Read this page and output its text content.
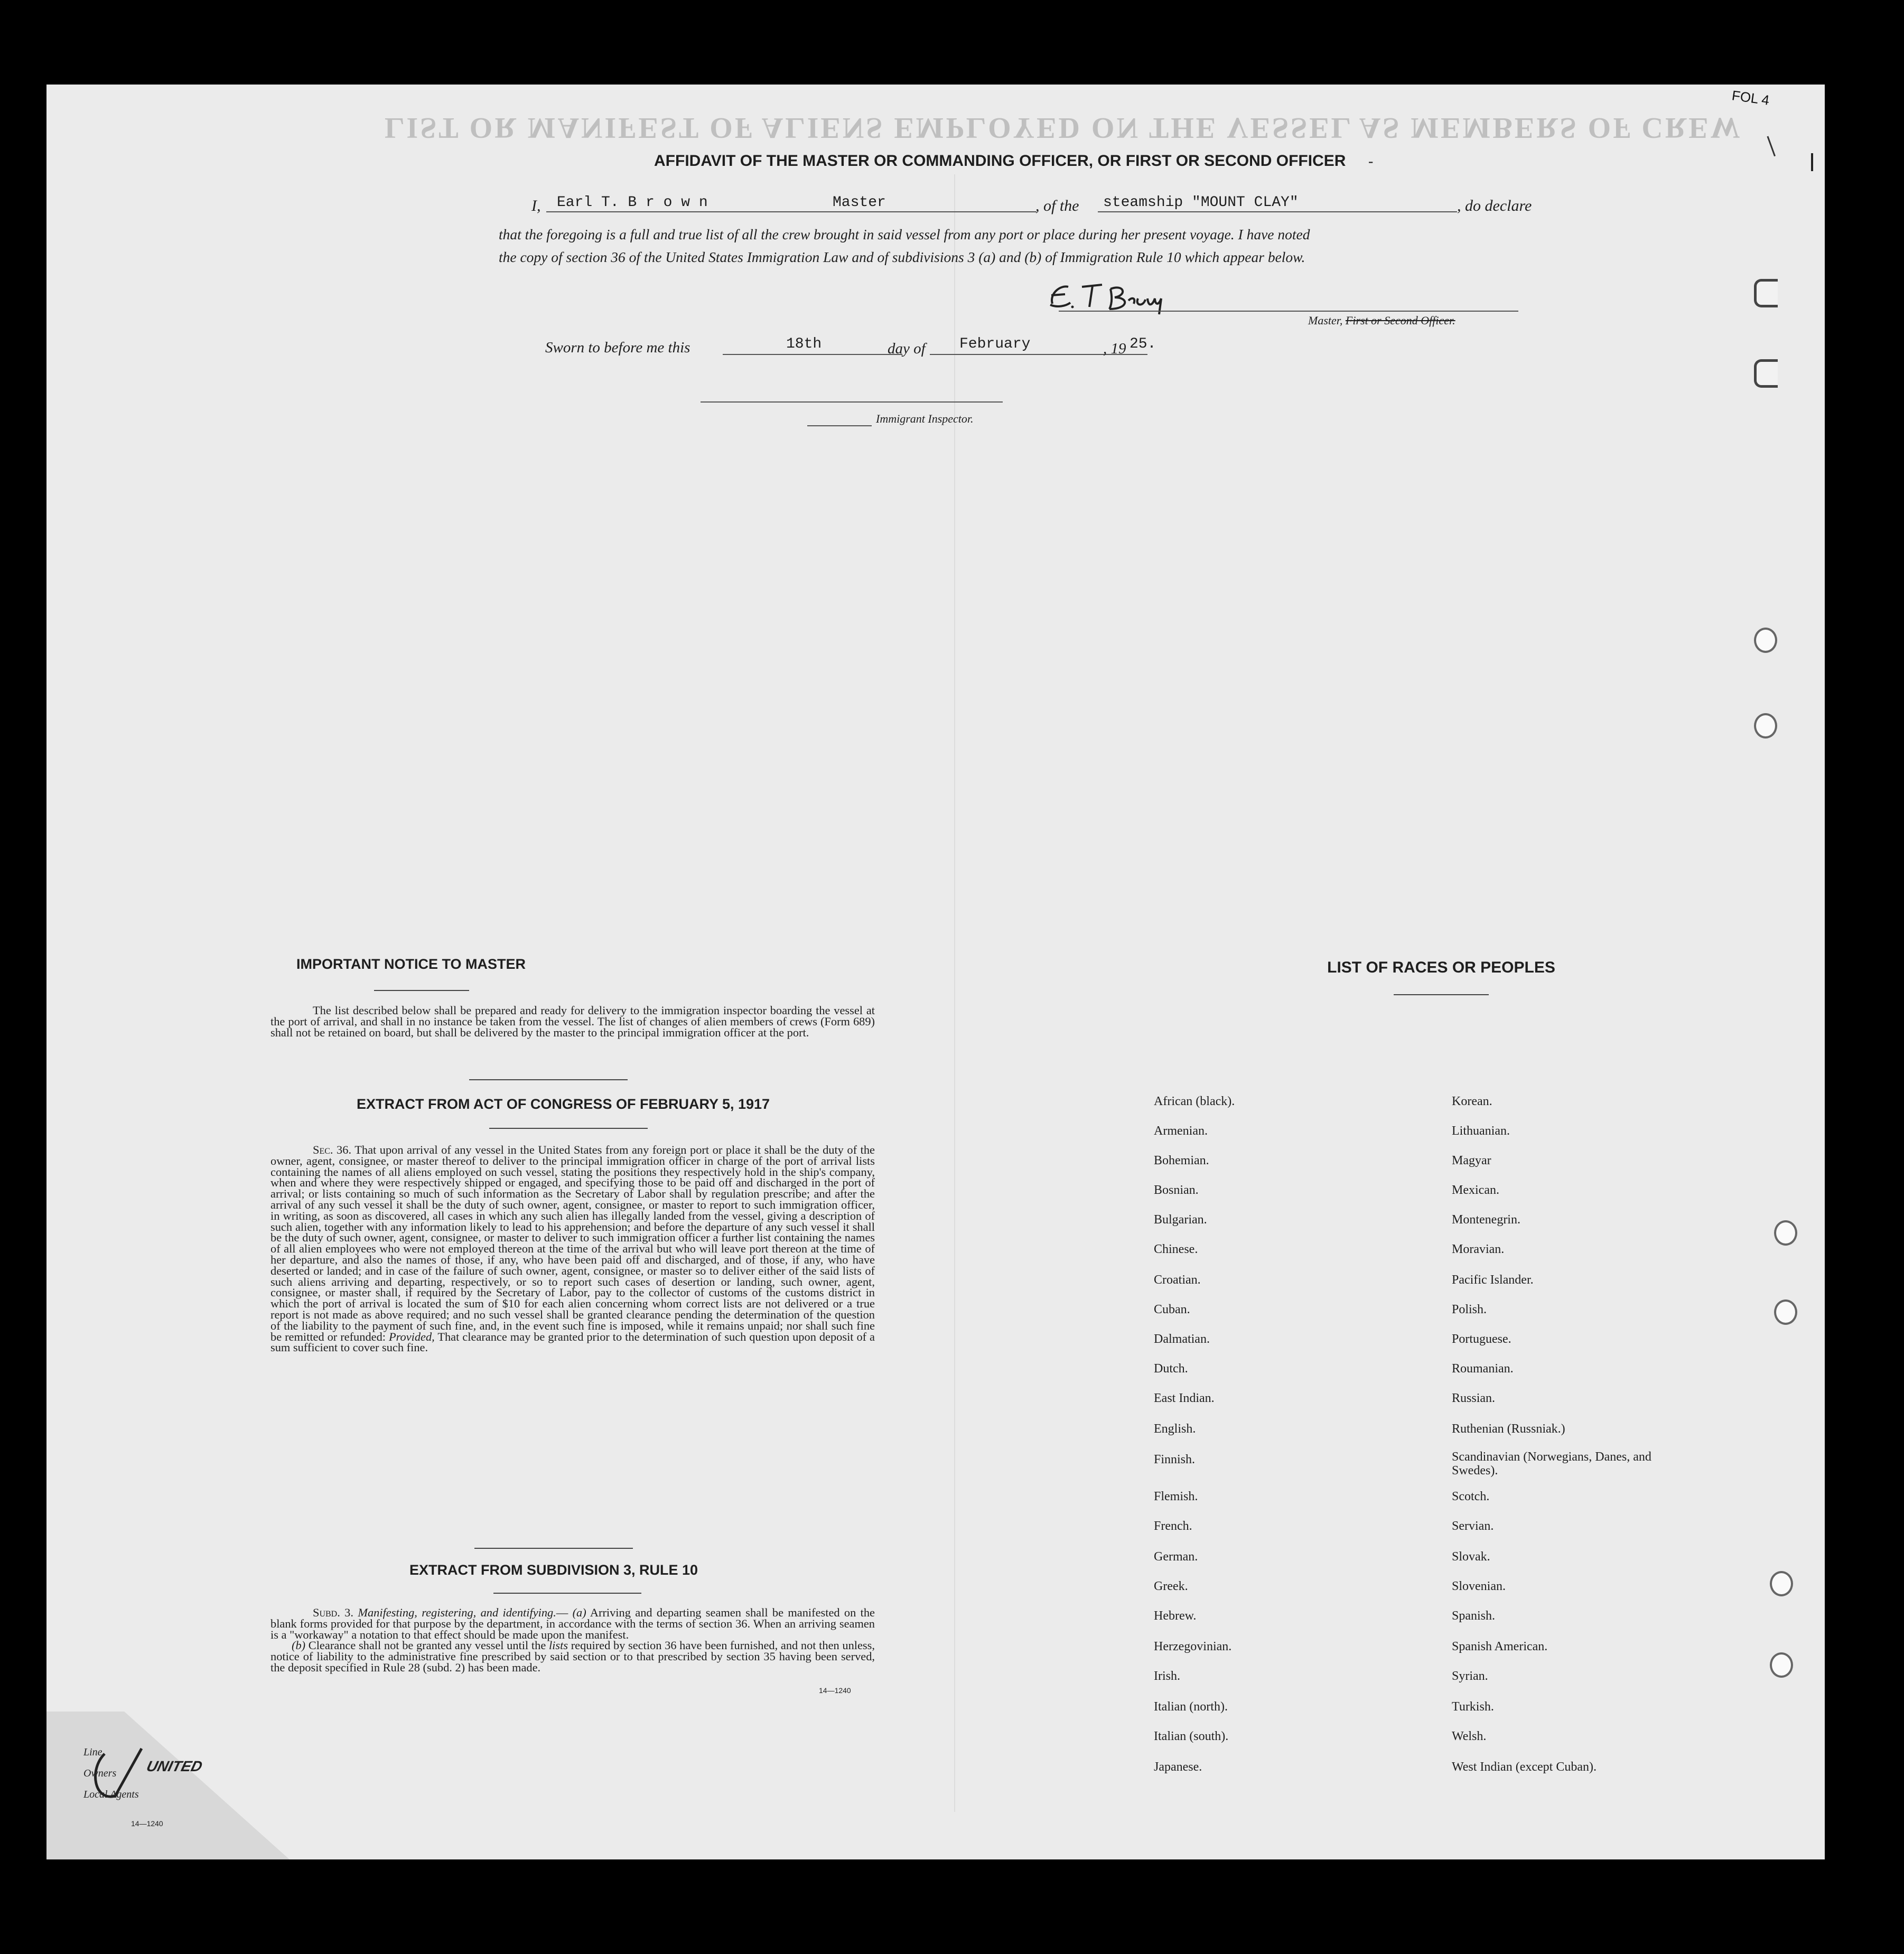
LIST OR MANIFEST OF ALIENS EMPLOYED ON THE VESSEL AS MEMBERS OF CREW
AFFIDAVIT OF THE MASTER OR COMMANDING OFFICER, OR FIRST OR SECOND OFFICER -
I, Earl T. B r o w n	Master	, of the steamship "MOUNT CLAY"	, do declare
that the foregoing is a full and true list of all the crew brought in said vessel from any port or place during her present voyage. I have noted
the copy of section 36 of the United States Immigration Law and of subdivisions 3 (a) and (b) of Immigration Rule 10 which appear below.
Master, First or Second Officer.
Sworn to before me this	18th	day of February	, 19 25.
Immigrant Inspector.
IMPORTANT NOTICE TO MASTER

The list described below shall be prepared and ready for delivery to the immigration inspector boarding the vessel at the port of arrival, and shall in no instance be taken from the vessel. The list of changes of alien members of crews (Form 689) shall not be retained on board, but shall be delivered by the master to the principal immigration officer at the port.

EXTRACT FROM ACT OF CONGRESS OF FEBRUARY 5, 1917

Sec. 36. That upon arrival of any vessel in the United States from any foreign port or place it shall be the duty of the owner, agent, consignee, or master thereof to deliver to the principal immigration officer in charge of the port of arrival lists containing the names of all aliens employed on such vessel, stating the positions they respectively hold in the ship's company, when and where they were respectively shipped or engaged, and specifying those to be paid off and discharged in the port of arrival; or lists containing so much of such information as the Secretary of Labor shall by regulation prescribe; and after the arrival of any such vessel it shall be the duty of such owner, agent, consignee, or master to report to such immigration officer, in writing, as soon as discovered, all cases in which any such alien has illegally landed from the vessel, giving a description of such alien, together with any information likely to lead to his apprehension; and before the departure of any such vessel it shall be the duty of such owner, agent, consignee, or master to deliver to such immigration officer a further list containing the names of all alien employees who were not employed thereon at the time of the arrival but who will leave port thereon at the time of her departure, and also the names of those, if any, who have been paid off and discharged, and of those, if any, who have deserted or landed; and in case of the failure of such owner, agent, consignee, or master so to deliver either of the said lists of such aliens arriving and departing, respectively, or so to report such cases of desertion or landing, such owner, agent, consignee, or master shall, if required by the Secretary of Labor, pay to the collector of customs of the customs district in which the port of arrival is located the sum of $10 for each alien concerning whom correct lists are not delivered or a true report is not made as above required; and no such vessel shall be granted clearance pending the determination of the question of the liability to the payment of such fine, and, in the event such fine is imposed, while it remains unpaid; nor shall such fine be remitted or refunded: Provided, That clearance may be granted prior to the determination of such question upon deposit of a sum sufficient to cover such fine.

EXTRACT FROM SUBDIVISION 3, RULE 10

Subd. 3. Manifesting, registering, and identifying.— (a) Arriving and departing seamen shall be manifested on the blank forms provided for that purpose by the department, in accordance with the terms of section 36. When an arriving seamen is a "workaway" a notation to that effect should be made upon the manifest.

(b) Clearance shall not be granted any vessel until the lists required by section 36 have been furnished, and not then unless, notice of liability to the administrative fine prescribed by said section or to that prescribed by section 35 having been served, the deposit specified in Rule 28 (subd. 2) has been made.

14—1240
LIST OF RACES OR PEOPLES
Line
Owners
Local Agents
UNITED
14—1240
FOL 4
African (black).
Armenian.
Bohemian.
Bosnian.
Bulgarian.
Chinese.
Croatian.
Cuban.
Dalmatian.
Dutch.
East Indian.
English.
Finnish.
Flemish.
French.
German.
Greek.
Hebrew.
Herzegovinian.
Irish.
Italian (north).
Italian (south).
Japanese.
Korean.
Lithuanian.
Magyar
Mexican.
Montenegrin.
Moravian.
Pacific Islander.
Polish.
Portuguese.
Roumanian.
Russian.
Ruthenian (Russniak.)
Scandinavian (Norwegians, Danes, and Swedes).
Scotch.
Servian.
Slovak.
Slovenian.
Spanish.
Spanish American.
Syrian.
Turkish.
Welsh.
West Indian (except Cuban).
